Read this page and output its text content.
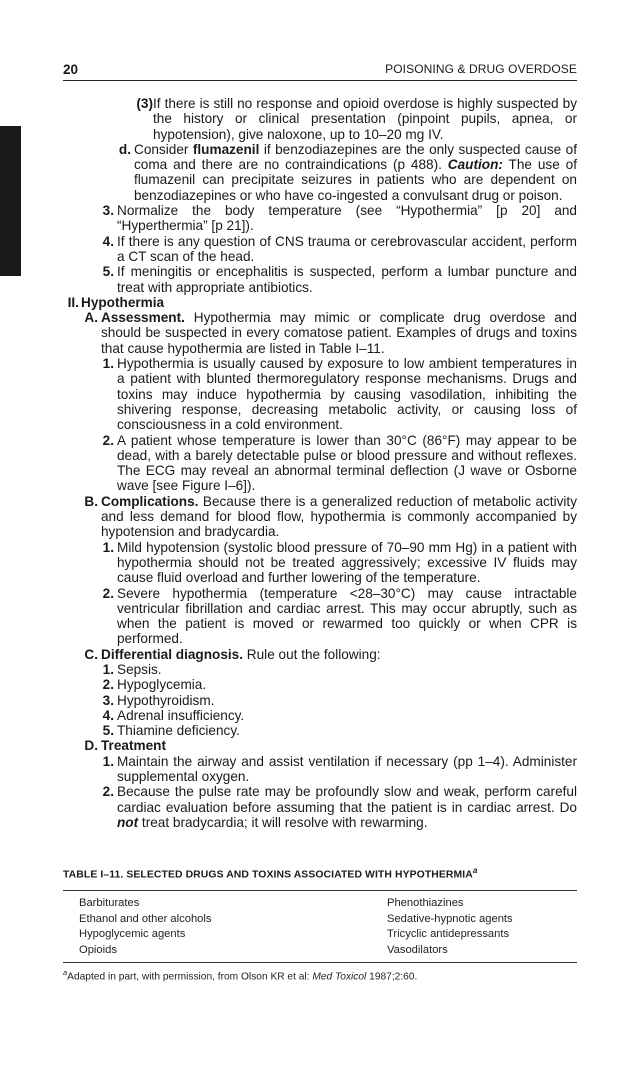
20	POISONING & DRUG OVERDOSE
(3) If there is still no response and opioid overdose is highly suspected by the history or clinical presentation (pinpoint pupils, apnea, or hypotension), give naloxone, up to 10–20 mg IV.
d. Consider flumazenil if benzodiazepines are the only suspected cause of coma and there are no contraindications (p 488). Caution: The use of flumazenil can precipitate seizures in patients who are dependent on benzodiazepines or who have co-ingested a convulsant drug or poison.
3. Normalize the body temperature (see “Hypothermia” [p 20] and “Hyperthermia” [p 21]).
4. If there is any question of CNS trauma or cerebrovascular accident, perform a CT scan of the head.
5. If meningitis or encephalitis is suspected, perform a lumbar puncture and treat with appropriate antibiotics.
II. Hypothermia
A. Assessment. Hypothermia may mimic or complicate drug overdose and should be suspected in every comatose patient. Examples of drugs and toxins that cause hypothermia are listed in Table I–11.
1. Hypothermia is usually caused by exposure to low ambient temperatures in a patient with blunted thermoregulatory response mechanisms. Drugs and toxins may induce hypothermia by causing vasodilation, inhibiting the shivering response, decreasing metabolic activity, or causing loss of consciousness in a cold environment.
2. A patient whose temperature is lower than 30°C (86°F) may appear to be dead, with a barely detectable pulse or blood pressure and without reflexes. The ECG may reveal an abnormal terminal deflection (J wave or Osborne wave [see Figure I–6]).
B. Complications. Because there is a generalized reduction of metabolic activity and less demand for blood flow, hypothermia is commonly accompanied by hypotension and bradycardia.
1. Mild hypotension (systolic blood pressure of 70–90 mm Hg) in a patient with hypothermia should not be treated aggressively; excessive IV fluids may cause fluid overload and further lowering of the temperature.
2. Severe hypothermia (temperature <28–30°C) may cause intractable ventricular fibrillation and cardiac arrest. This may occur abruptly, such as when the patient is moved or rewarmed too quickly or when CPR is performed.
C. Differential diagnosis. Rule out the following:
1. Sepsis.
2. Hypoglycemia.
3. Hypothyroidism.
4. Adrenal insufficiency.
5. Thiamine deficiency.
D. Treatment
1. Maintain the airway and assist ventilation if necessary (pp 1–4). Administer supplemental oxygen.
2. Because the pulse rate may be profoundly slow and weak, perform careful cardiac evaluation before assuming that the patient is in cardiac arrest. Do not treat bradycardia; it will resolve with rewarming.
TABLE I–11. SELECTED DRUGS AND TOXINS ASSOCIATED WITH HYPOTHERMIA$^a$
Barbiturates	Phenothiazines
Ethanol and other alcohols	Sedative-hypnotic agents
Hypoglycemic agents	Tricyclic antidepressants
Opioids	Vasodilators
$^a$Adapted in part, with permission, from Olson KR et al: Med Toxicol 1987;2:60.
